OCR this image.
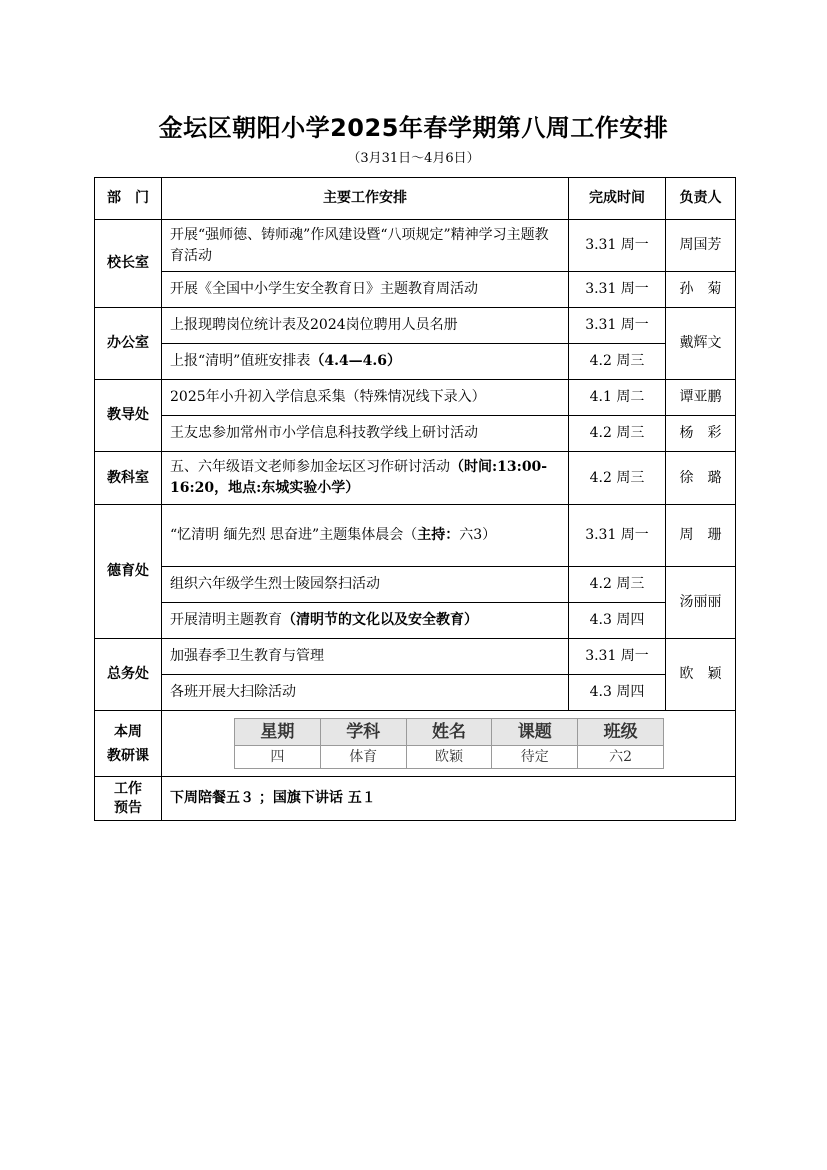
金坛区朝阳小学2025年春学期第八周工作安排
（3月31日～4月6日）
部　门	主要工作安排	完成时间	负责人
校长室	开展“强师德、铸师魂”作风建设暨“八项规定”精神学习主题教育活动	3.31 周一	周国芳
开展《全国中小学生安全教育日》主题教育周活动	3.31 周一	孙　菊
办公室	上报现聘岗位统计表及2024岗位聘用人员名册	3.31 周一	戴辉文
上报“清明”值班安排表（4.4—4.6）	4.2 周三
教导处	2025年小升初入学信息采集（特殊情况线下录入）	4.1 周二	谭亚鹏
王友忠参加常州市小学信息科技教学线上研讨活动	4.2 周三	杨　彩
教科室	五、六年级语文老师参加金坛区习作研讨活动（时间:13:00-16:20，地点:东城实验小学）	4.2 周三	徐　璐
德育处	“忆清明 缅先烈 思奋进”主题集体晨会（主持：六3）	3.31 周一	周　珊
组织六年级学生烈士陵园祭扫活动	4.2 周三	汤丽丽
开展清明主题教育（清明节的文化以及安全教育）	4.3 周四
总务处	加强春季卫生教育与管理	3.31 周一	欧　颖
各班开展大扫除活动	4.3 周四

本周
教研课

星期	学科	姓名	课题	班级
四	体育	欧颖	待定	六2

工作
预告
	下周陪餐五３ ；国旗下讲话 五１
